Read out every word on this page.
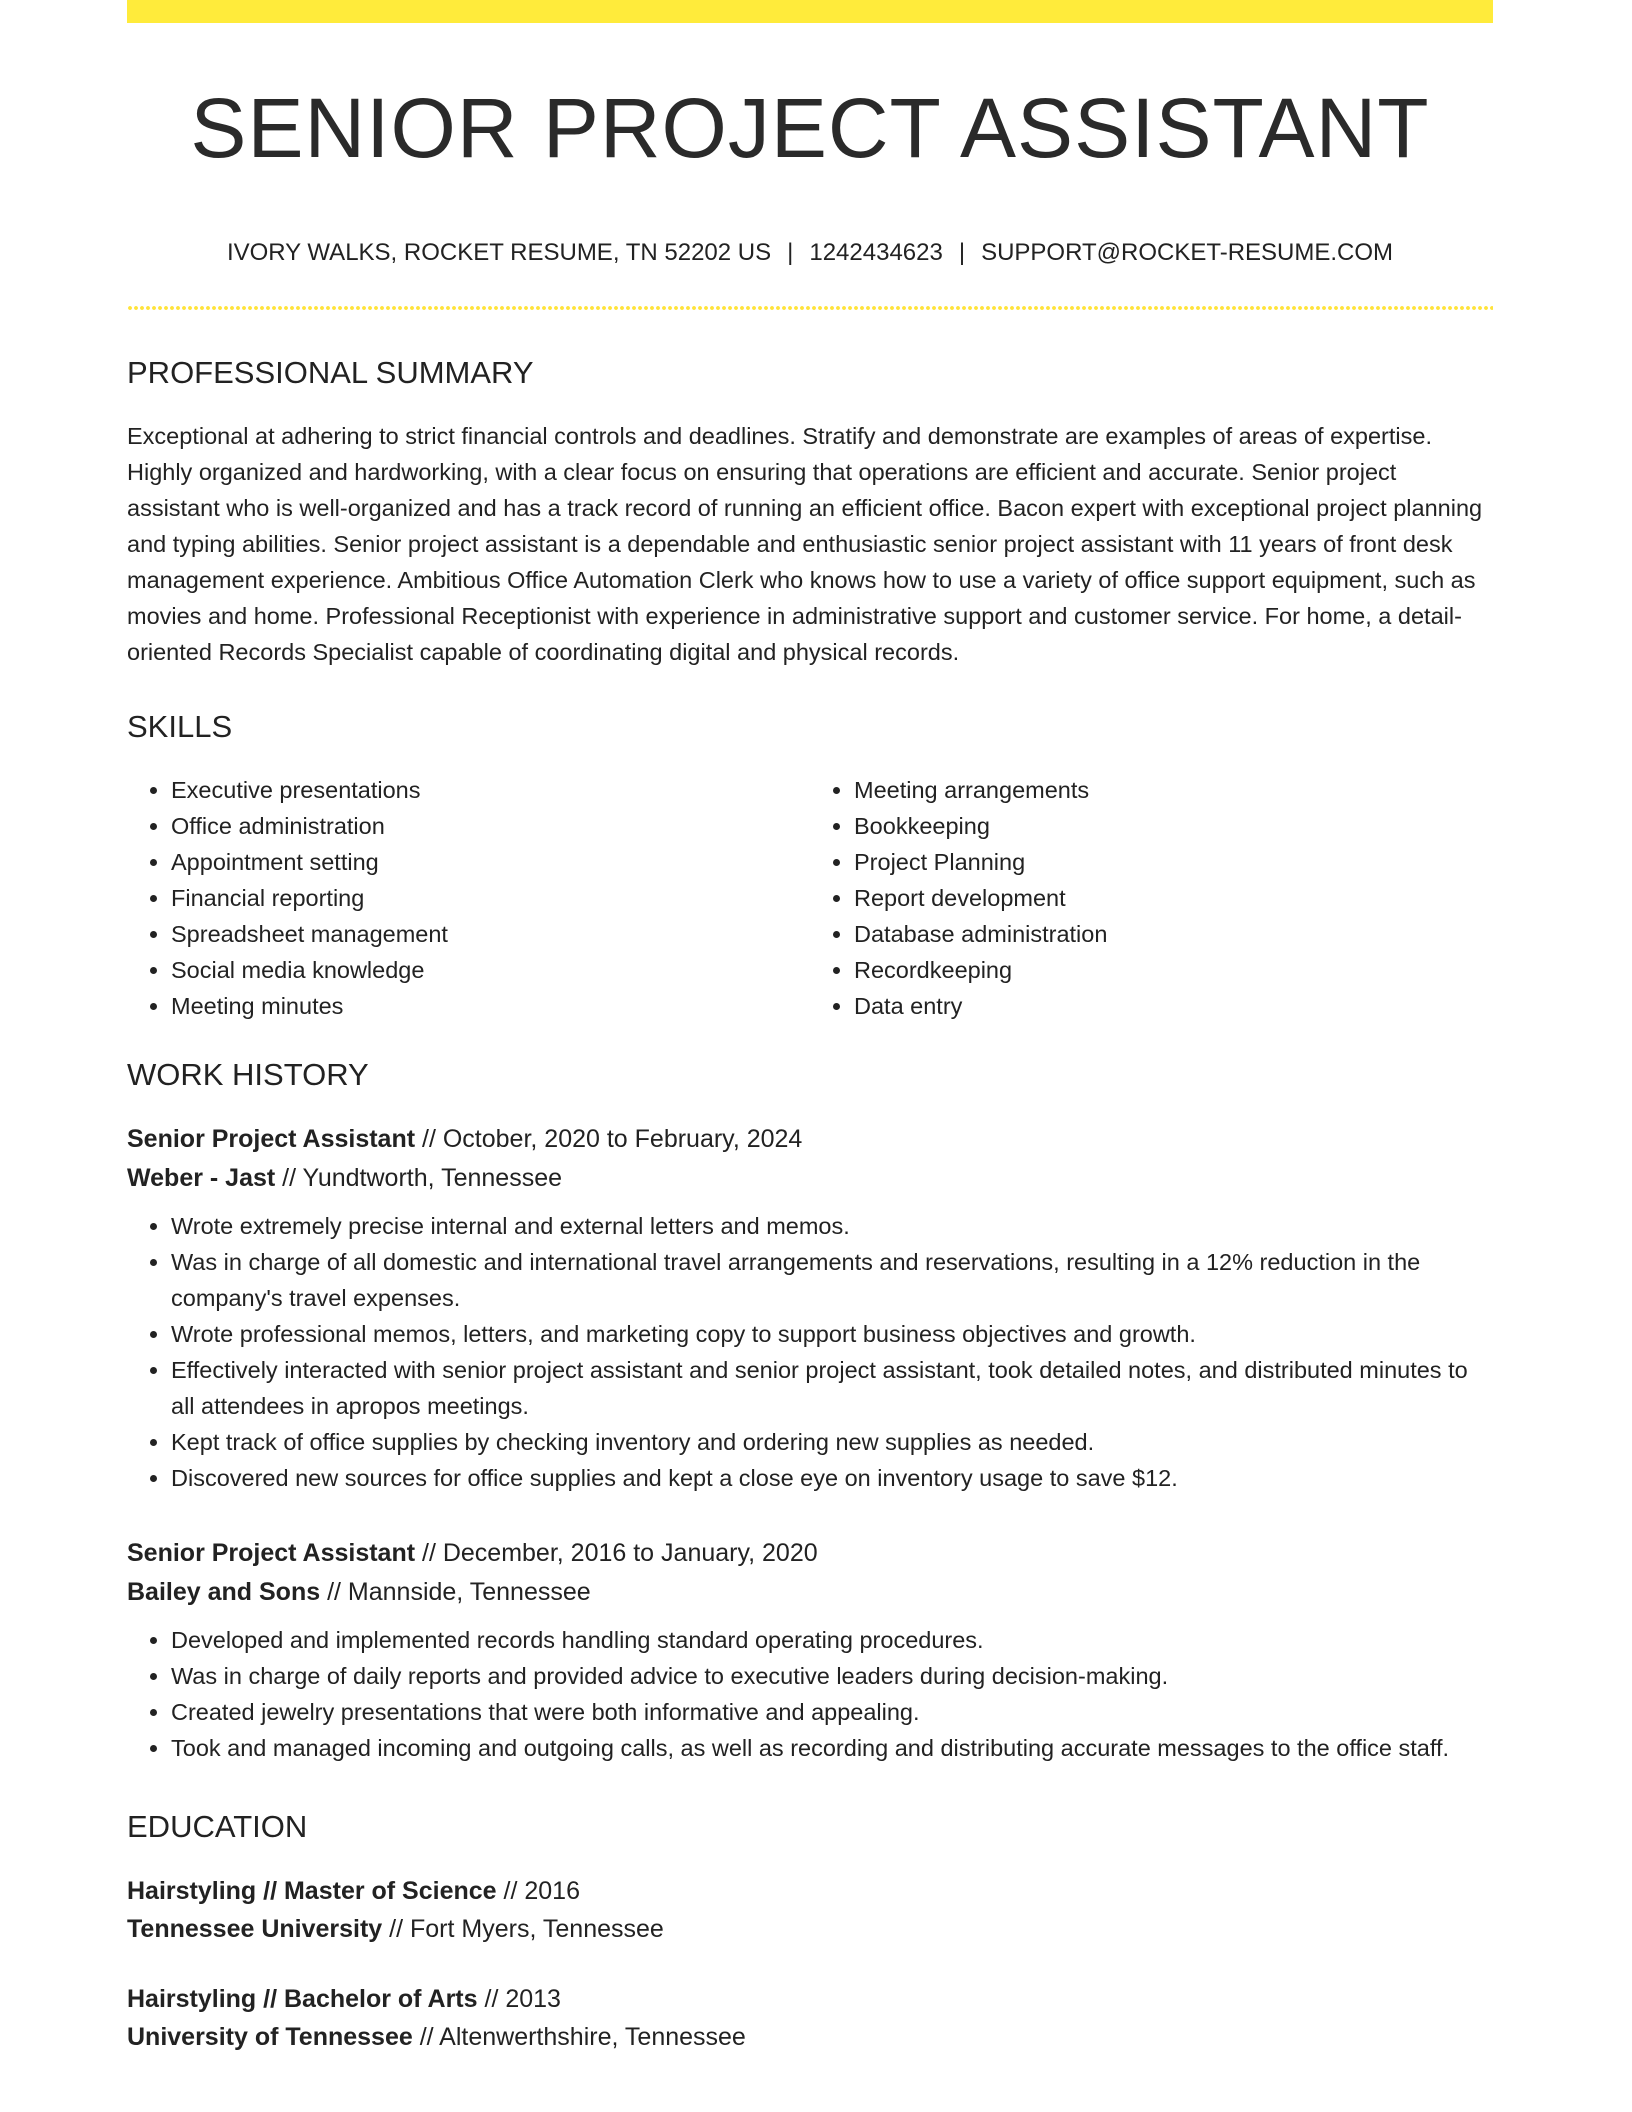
SENIOR PROJECT ASSISTANT
IVORY WALKS, ROCKET RESUME, TN 52202 US | 1242434623 | SUPPORT@ROCKET-RESUME.COM
PROFESSIONAL SUMMARY

Exceptional at adhering to strict financial controls and deadlines. Stratify and demonstrate are examples of areas of expertise. Highly organized and hardworking, with a clear focus on ensuring that operations are efficient and accurate. Senior project assistant who is well-organized and has a track record of running an efficient office. Bacon expert with exceptional project planning and typing abilities. Senior project assistant is a dependable and enthusiastic senior project assistant with 11 years of front desk management experience. Ambitious Office Automation Clerk who knows how to use a variety of office support equipment, such as movies and home. Professional Receptionist with experience in administrative support and customer service. For home, a detail-oriented Records Specialist capable of coordinating digital and physical records.

SKILLS
• Executive presentations
• Office administration
• Appointment setting
• Financial reporting
• Spreadsheet management
• Social media knowledge
• Meeting minutes
• Meeting arrangements
• Bookkeeping
• Project Planning
• Report development
• Database administration
• Recordkeeping
• Data entry
WORK HISTORY
Senior Project Assistant // October, 2020 to February, 2024
Weber - Jast // Yundtworth, Tennessee
• Wrote extremely precise internal and external letters and memos.
• Was in charge of all domestic and international travel arrangements and reservations, resulting in a 12% reduction in the company's travel expenses.
• Wrote professional memos, letters, and marketing copy to support business objectives and growth.
• Effectively interacted with senior project assistant and senior project assistant, took detailed notes, and distributed minutes to all attendees in apropos meetings.
• Kept track of office supplies by checking inventory and ordering new supplies as needed.
• Discovered new sources for office supplies and kept a close eye on inventory usage to save $12.
Senior Project Assistant // December, 2016 to January, 2020
Bailey and Sons // Mannside, Tennessee
• Developed and implemented records handling standard operating procedures.
• Was in charge of daily reports and provided advice to executive leaders during decision-making.
• Created jewelry presentations that were both informative and appealing.
• Took and managed incoming and outgoing calls, as well as recording and distributing accurate messages to the office staff.
EDUCATION
Hairstyling // Master of Science // 2016
Tennessee University // Fort Myers, Tennessee
Hairstyling // Bachelor of Arts // 2013
University of Tennessee // Altenwerthshire, Tennessee
